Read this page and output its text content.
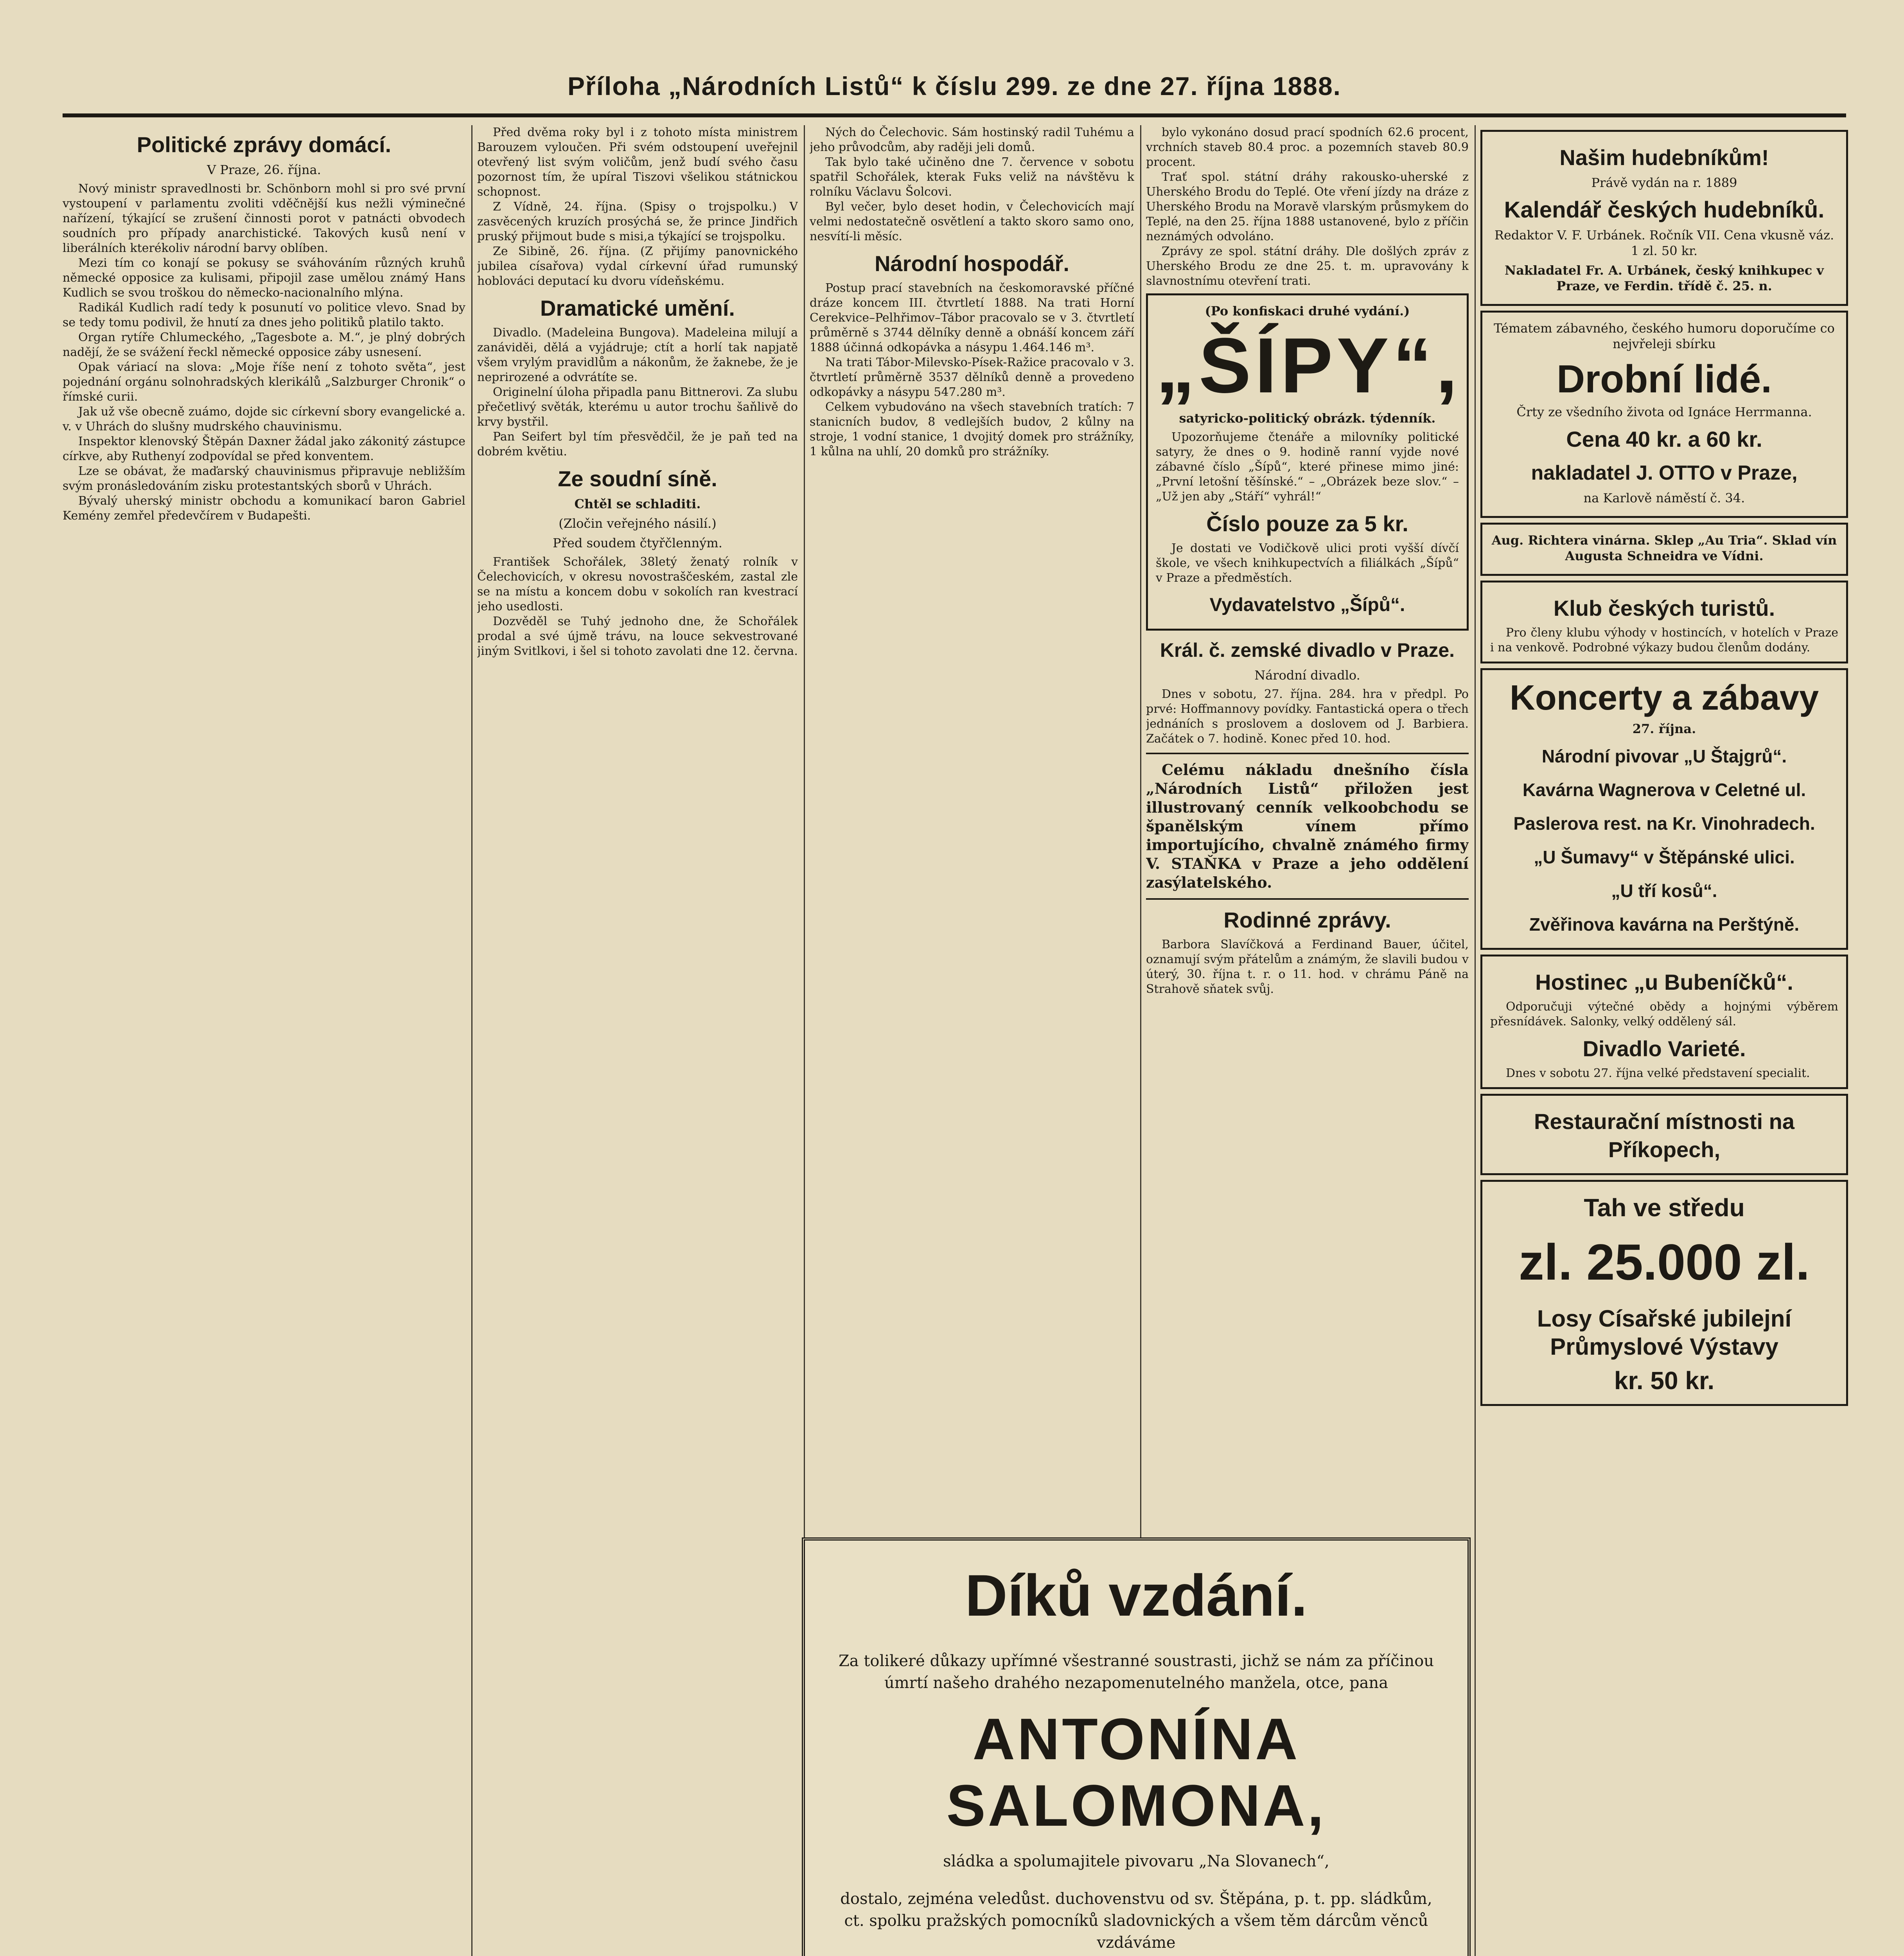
Příloha „Národních Listů“ k číslu 299. ze dne 27. října 1888.
Politické zprávy domácí.
V Praze, 26. října.

Nový ministr spravedlnosti br. Schönborn mohl si pro své první vystoupení v parlamentu zvoliti vděčnější kus nežli výminečné nařízení, týkající se zrušení činnosti porot v patnácti obvodech soudních pro případy anarchistické. Takových kusů není v liberálních kterékoliv národní barvy oblíben.

Mezi tím co konají se pokusy se sváhováním různých kruhů německé opposice za kulisami, připojil zase umělou známý Hans Kudlich se svou troškou do německo-nacionalního mlýna.

Radikál Kudlich radí tedy k posunutí vo politice vlevo. Snad by se tedy tomu podivil, že hnutí za dnes jeho politiků platilo takto.

Organ rytíře Chlumeckého, „Tagesbote a. M.“, je plný dobrých nadějí, že se svážení řeckl německé opposice záby usnesení.

Opak váriací na slova: „Moje říše není z tohoto světa“, jest pojednání orgánu solnohradských klerikálů „Salzburger Chronik“ o římské curii.

Jak už vše obecně zuámo, dojde sic církevní sbory evangelické a. v. v Uhrách do slušny mudrského chauvinismu.

Inspektor klenovský Štěpán Daxner žádal jako zákonitý zástupce církve, aby Ruthenyí zodpovídal se před konventem.

Lze se obávat, že maďarský chauvinismus připravuje nebližším svým pronásledováním zisku protestantských sborů v Uhrách.

Bývalý uherský ministr obchodu a komunikací baron Gabriel Kemény zemřel předevčírem v Budapešti.

Před dvěma roky byl i z tohoto místa ministrem Barouzem vyloučen. Při svém odstoupení uveřejnil otevřený list svým voličům, jenž budí svého času pozornost tím, že upíral Tiszovi všelikou státnickou schopnost.

Z Vídně, 24. října. (Spisy o trojspolku.) V zasvěcených kruzích prosýchá se, že prince Jindřich pruský přijmout bude s misi,a týkající se trojspolku.

Ze Sibině, 26. října. (Z přijímy panovnického jubilea císařova) vydal církevní úřad rumunský hoblováci deputací ku dvoru vídeňskému.

Dramatické umění.

Divadlo. (Madeleina Bungova). Madeleina milují a zanáviděi, dělá a vyjádruje; ctít a horlí tak napjatě všem vrylým pravidlům a nákonům, že žaknebe, že je neprirozené a odvrátíte se.

Originelní úloha připadla panu Bittnerovi. Za slubu přečetlivý světák, kterému u autor trochu šaňlivě do krvy bystřil.

Pan Seifert byl tím přesvědčil, že je paň ted na dobrém květiu.

Ze soudní síně.
Chtěl se schladiti.
(Zločin veřejného násilí.)
Před soudem čtyřčlenným.

František Schořálek, 38letý ženatý rolník v Čelechovicích, v okresu novostraščeském, zastal zle se na místu a koncem dobu v sokolích ran kvestrací jeho usedlosti.

Dozvěděl se Tuhý jednoho dne, že Schořálek prodal a své újmě trávu, na louce sekvestrované jiným Svitlkovi, i šel si tohoto zavolati dne 12. června.

Ných do Čelechovic. Sám hostinský radil Tuhému a jeho průvodcům, aby raději jeli domů.

Tak bylo také učiněno dne 7. července v sobotu spatřil Schořálek, kterak Fuks veliž na návštěvu k rolníku Václavu Šolcovi.

Byl večer, bylo deset hodin, v Čelechovicích mají velmi nedostatečně osvětlení a takto skoro samo ono, nesvítí-li měsíc.

Národní hospodář.

Postup prací stavebních na českomoravské příčné dráze koncem III. čtvrtletí 1888. Na trati Horní Cerekvice–Pelhřimov–Tábor pracovalo se v 3. čtvrtletí průměrně s 3744 dělníky denně a obnáší koncem září 1888 účinná odkopávka a násypu 1.464.146 m³.

Na trati Tábor-Milevsko-Písek-Ražice pracovalo v 3. čtvrtletí průměrně 3537 dělníků denně a provedeno odkopávky a násypu 547.280 m³.

Celkem vybudováno na všech stavebních tratích: 7 stanicních budov, 8 vedlejších budov, 2 kůlny na stroje, 1 vodní stanice, 1 dvojitý domek pro strážníky, 1 kůlna na uhlí, 20 domků pro strážníky.

bylo vykonáno dosud prací spodních 62.6 procent, vrchních staveb 80.4 proc. a pozemních staveb 80.9 procent.

Trať spol. státní dráhy rakousko-uherské z Uherského Brodu do Teplé. Ote vření jízdy na dráze z Uherského Brodu na Moravě vlarským průsmykem do Teplé, na den 25. října 1888 ustanovené, bylo z příčin neznámých odvoláno.

Zprávy ze spol. státní dráhy. Dle došlých zpráv z Uherského Brodu ze dne 25. t. m. upravovány k slavnostnímu otevření trati.

(Po konfiskaci druhé vydání.)
„ŠÍPY“,
satyricko-politický obrázk. týdenník.

Upozorňujeme čtenáře a milovníky politické satyry, že dnes o 9. hodině ranní vyjde nové zábavné číslo „Šípů“, které přinese mimo jiné: „První letošní těšínské.“ – „Obrázek beze slov.“ – „Už jen aby „Stáří“ vyhrál!“

Číslo pouze za 5 kr.

Je dostati ve Vodičkově ulici proti vyšší dívčí škole, ve všech knihkupectvích a filiálkách „Šípů“ v Praze a předměstích.

Vydavatelstvo „Šípů“.
Král. č. zemské divadlo v Praze.
Národní divadlo.

Dnes v sobotu, 27. října. 284. hra v předpl. Po prvé: Hoffmannovy povídky. Fantastická opera o třech jednáních s proslovem a doslovem od J. Barbiera. Začátek o 7. hodině. Konec před 10. hod.

Celému nákladu dnešního čísla „Národních Listů“ přiložen jest illustrovaný cenník velkoobchodu se španělským vínem přímo importujícího, chvalně známého firmy V. STAŇKA v Praze a jeho oddělení zasýlatelského.

Rodinné zprávy.

Barbora Slavíčková a Ferdinand Bauer, účitel, oznamují svým přátelům a známým, že slavili budou v úterý, 30. října t. r. o 11. hod. v chrámu Páně na Strahově sňatek svůj.

Našim hudebníkům!
Právě vydán na r. 1889
Kalendář českých hudebníků.
Redaktor V. F. Urbánek. Ročník VII. Cena vkusně váz. 1 zl. 50 kr.
Nakladatel Fr. A. Urbánek, český knihkupec v Praze, ve Ferdin. třídě č. 25. n.
Tématem zábavného, českého humoru doporučíme co nejvřeleji sbírku
Drobní lidé.
Črty ze všedního života od Ignáce Herrmanna.
Cena 40 kr. a 60 kr.
nakladatel J. OTTO v Praze,
na Karlově náměstí č. 34.
Aug. Richtera vinárna. Sklep „Au Tria“. Sklad vín Augusta Schneidra ve Vídni.
Klub českých turistů.

Pro členy klubu výhody v hostincích, v hotelích v Praze i na venkově. Podrobné výkazy budou členům dodány.

Koncerty a zábavy
27. října.
Národní pivovar „U Štajgrů“.
Kavárna Wagnerova v Celetné ul.
Paslerova rest. na Kr. Vinohradech.
„U Šumavy“ v Štěpánské ulici.
„U tří kosů“.
Zvěřinova kavárna na Perštýně.
Hostinec „u Bubeníčků“.

Odporučuji výtečné obědy a hojnými výběrem přesnídávek. Salonky, velký oddělený sál.

Divadlo Varieté.

Dnes v sobotu 27. října velké představení specialit.

Restaurační místnosti na Příkopech,
Tah ve středu
zl. 25.000 zl.
Losy Císařské jubilejní Průmyslové Výstavy
kr. 50 kr.
Díků vzdání.
Za tolikeré důkazy upřímné všestranné soustrasti, jichž se nám za příčinou úmrtí našeho drahého nezapomenutelného manžela, otce, pana
ANTONÍNA SALOMONA,
sládka a spolumajitele pivovaru „Na Slovanech“,
dostalo, zejména veledůst. duchovenstvu od sv. Štěpána, p. t. pp. sládkům, ct. spolku pražských pomocníků sladovnických a všem těm dárcům věnců vzdáváme
